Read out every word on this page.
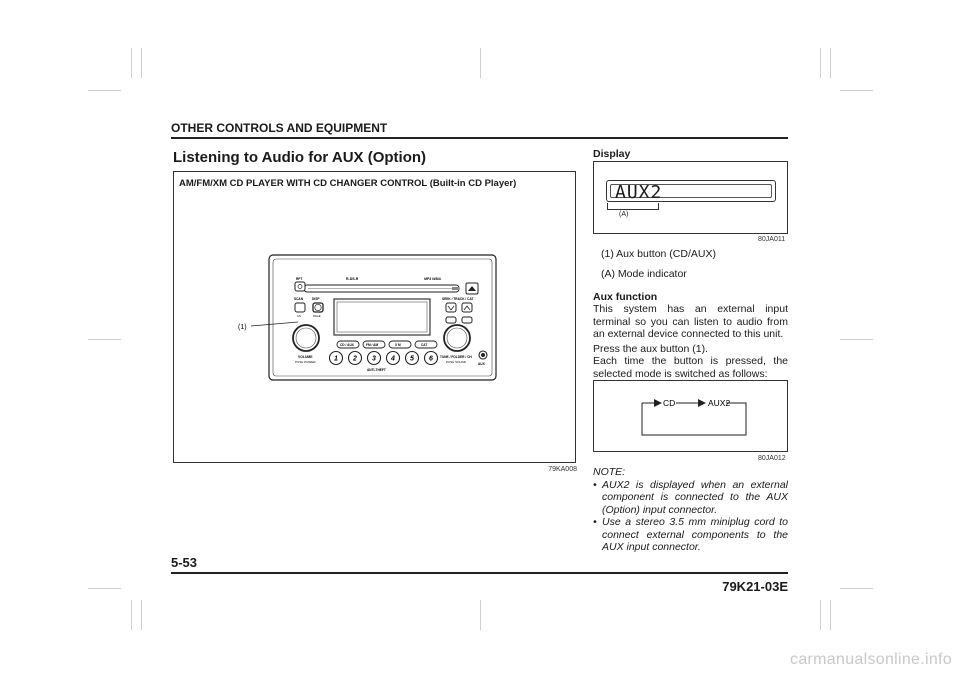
OTHER CONTROLS AND EQUIPMENT
Listening to Audio for AUX (Option)
AM/FM/XM CD PLAYER WITH CD CHANGER CONTROL (Built-in CD Player)
R-DS-R	MP3 WMA
RPT
SCAN	DISP
AS	PAGE
SEEK / TRACK / CAT
CD / AUX	FM / AM	X M	CAT
1 2 3 4 5 6
ANTI-THEFT
VOLUME
PUSH POWER
TUNE / FOLDER / CH
PUSH SOUND	AUX
(1)
79KA008
Display
AUX2
(A)
80JA011
(1) Aux button (CD/AUX)
(A) Mode indicator
Aux function
This system has an external input terminal so you can listen to audio from an external device connected to this unit.
Press the aux button (1).
Each time the button is pressed, the selected mode is switched as follows:
CD	AUX2
80JA012
NOTE:
• AUX2 is displayed when an external component is connected to the AUX (Option) input connector.
• Use a stereo 3.5 mm miniplug cord to connect external components to the AUX input connector.
5-53
79K21-03E
carmanualsonline.info
